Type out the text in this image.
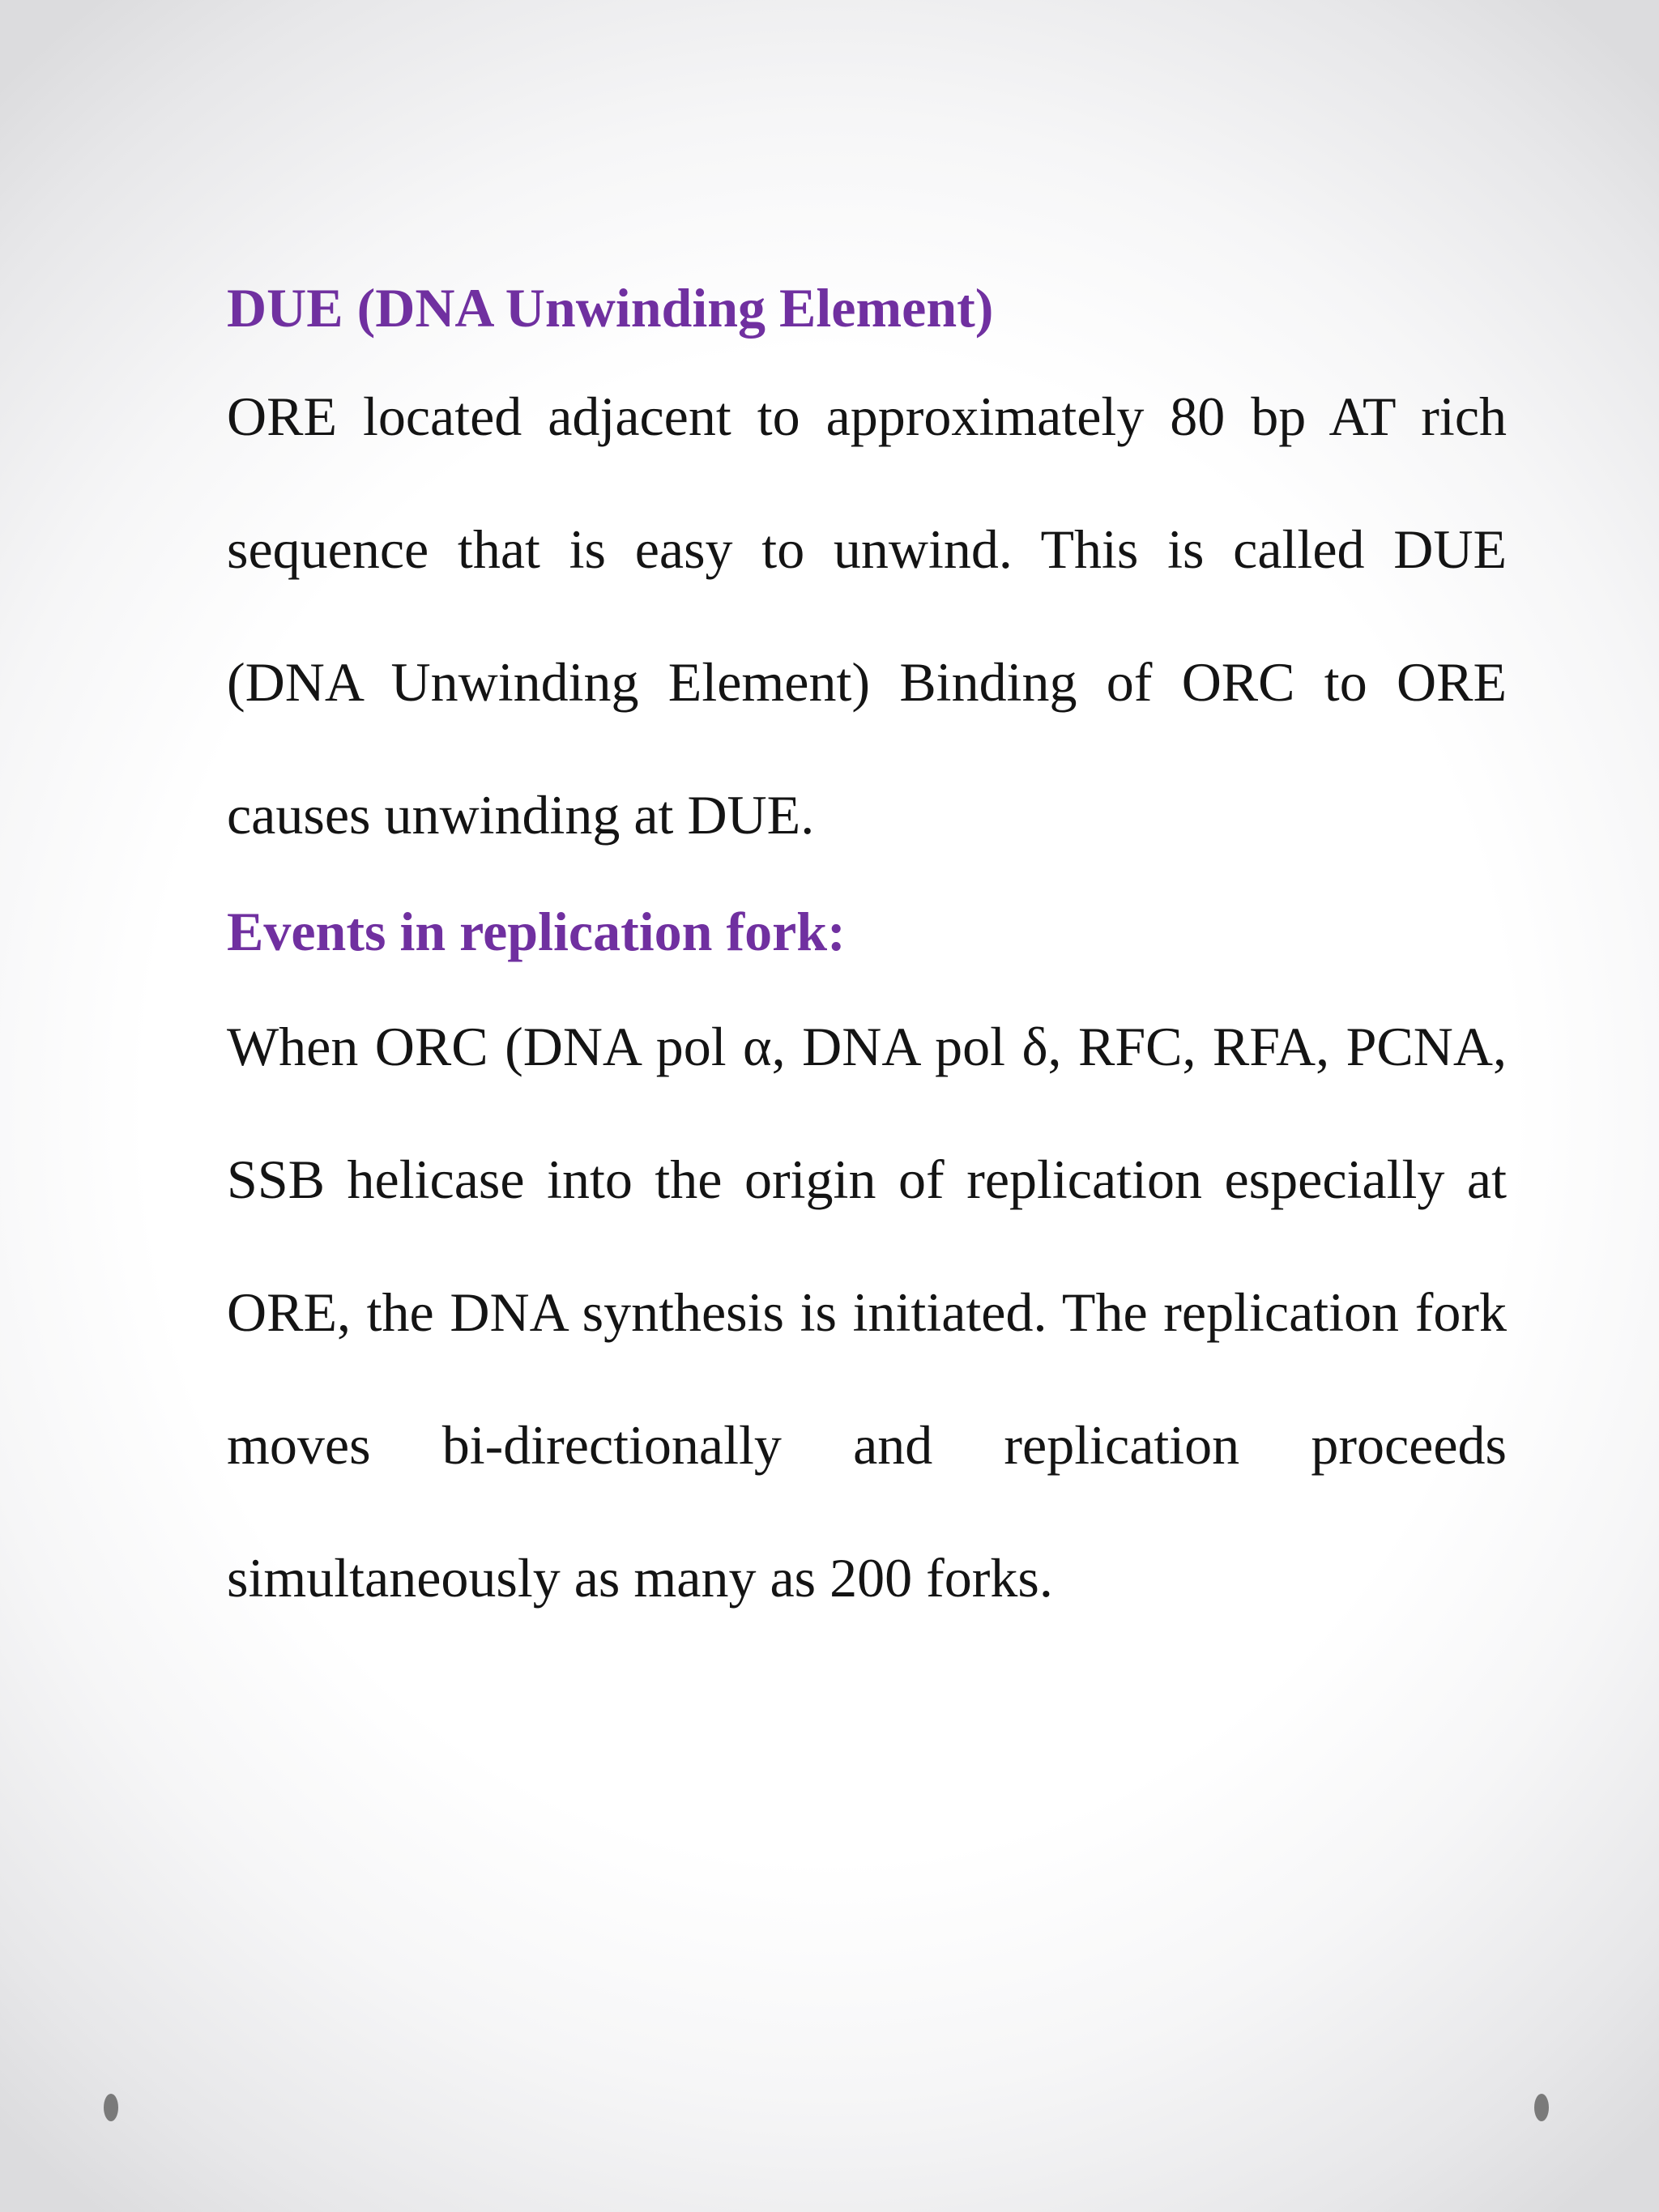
DUE (DNA Unwinding Element)

ORE located adjacent to approximately 80 bp AT rich sequence that is easy to unwind. This is called DUE (DNA Unwinding Element) Binding of ORC to ORE causes unwinding at DUE.

Events in replication fork:

When ORC (DNA pol α, DNA pol δ, RFC, RFA, PCNA, SSB helicase into the origin of replication especially at ORE, the DNA synthesis is initiated. The replication fork moves bi-directionally and replication proceeds simultaneously as many as 200 forks.
